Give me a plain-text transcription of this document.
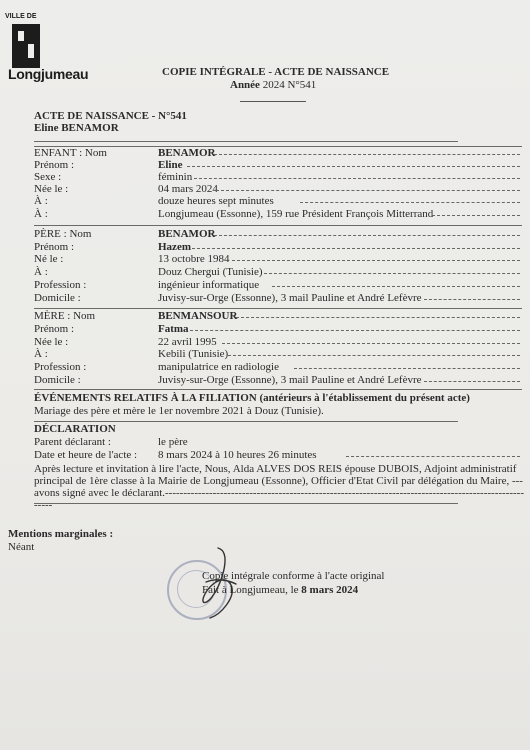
VILLE DE
Longjumeau	COPIE INTÉGRALE - ACTE DE NAISSANCE
Année 2024 N°541
ACTE DE NAISSANCE - N°541
Eline BENAMOR
ENFANT : Nom	BENAMOR
Prénom :	Eline
Sexe :	féminin
Née le :	04 mars 2024
À :	douze heures sept minutes
À :	Longjumeau (Essonne), 159 rue Président François Mitterrand
PÈRE : Nom	BENAMOR
Prénom :	Hazem
Né le :	13 octobre 1984
À :	Douz Chergui (Tunisie)
Profession :	ingénieur informatique
Domicile :	Juvisy-sur-Orge (Essonne), 3 mail Pauline et André Lefèvre
MÈRE : Nom	BENMANSOUR
Prénom :	Fatma
Née le :	22 avril 1995
À :	Kebili (Tunisie)
Profession :	manipulatrice en radiologie
Domicile :	Juvisy-sur-Orge (Essonne), 3 mail Pauline et André Lefèvre
ÉVÉNEMENTS RELATIFS À LA FILIATION (antérieurs à l'établissement du présent acte)
Mariage des père et mère le 1er novembre 2021 à Douz (Tunisie).
DÉCLARATION
Parent déclarant :	le père
Date et heure de l'acte : 8 mars 2024 à 10 heures 26 minutes
Après lecture et invitation à lire l'acte, Nous, Alda ALVES DOS REIS épouse DUBOIS, Adjoint administratif principal de 1ère classe à la Mairie de Longjumeau (Essonne), Officier d'Etat Civil par délégation du Maire, --- avons signé avec le déclarant.-------------------------------------------------------------------------------------------------------
Mentions marginales :
Néant
Copie intégrale conforme à l'acte original
Fait à Longjumeau, le 8 mars 2024
